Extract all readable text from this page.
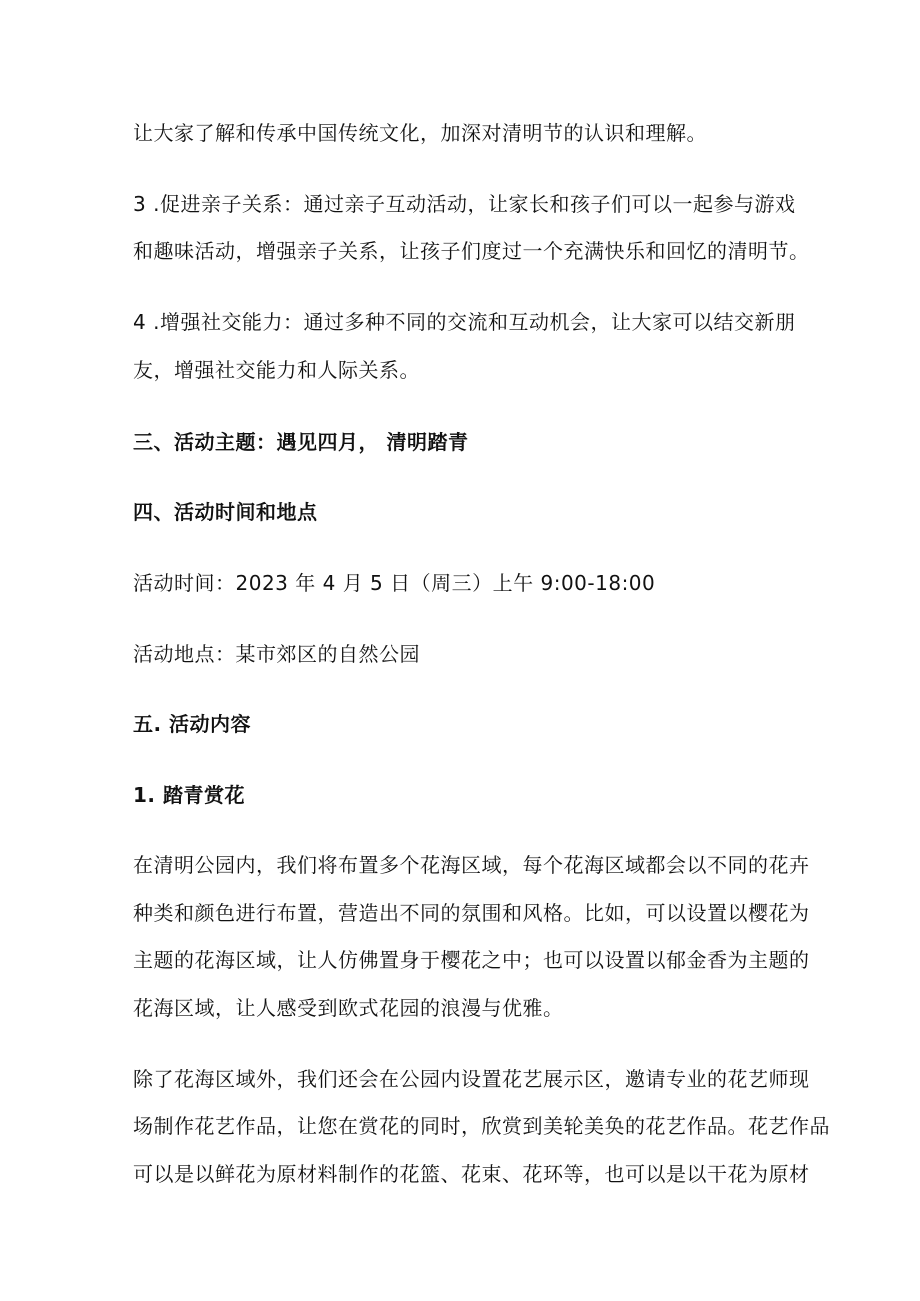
让大家了解和传承中国传统文化，加深对清明节的认识和理解。
3 .促进亲子关系：通过亲子互动活动，让家长和孩子们可以一起参与游戏
和趣味活动，增强亲子关系，让孩子们度过一个充满快乐和回忆的清明节。
4 .增强社交能力：通过多种不同的交流和互动机会，让大家可以结交新朋
友，增强社交能力和人际关系。
三、活动主题：遇见四月， 清明踏青
四、活动时间和地点
活动时间：2023 年 4 月 5 日（周三）上午 9:00-18:00
活动地点：某市郊区的自然公园
五. 活动内容
1. 踏青赏花
在清明公园内，我们将布置多个花海区域，每个花海区域都会以不同的花卉
种类和颜色进行布置，营造出不同的氛围和风格。比如，可以设置以樱花为
主题的花海区域，让人仿佛置身于樱花之中；也可以设置以郁金香为主题的
花海区域，让人感受到欧式花园的浪漫与优雅。
除了花海区域外，我们还会在公园内设置花艺展示区，邀请专业的花艺师现
场制作花艺作品，让您在赏花的同时，欣赏到美轮美奂的花艺作品。花艺作品
可以是以鲜花为原材料制作的花篮、花束、花环等，也可以是以干花为原材
